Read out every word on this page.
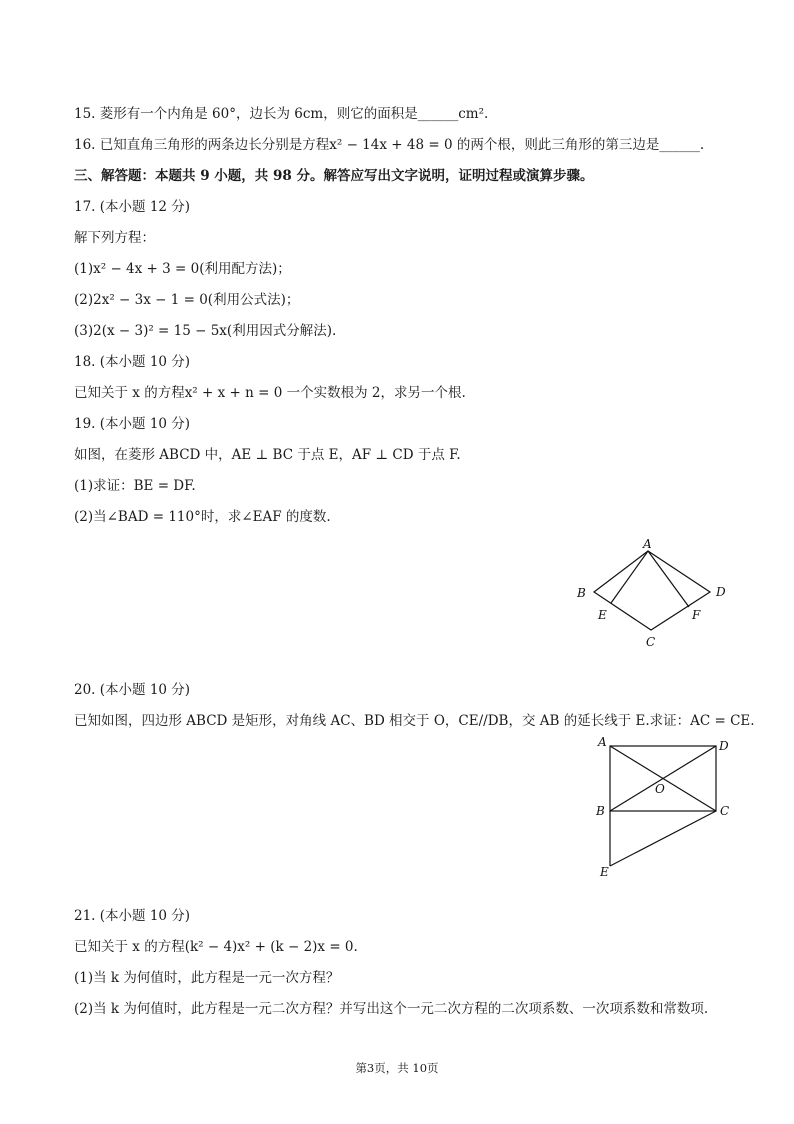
15. 菱形有一个内角是 60°，边长为 6cm，则它的面积是______cm².
16. 已知直角三角形的两条边长分别是方程x² − 14x + 48 = 0 的两个根，则此三角形的第三边是______.
三、解答题：本题共 9 小题，共 98 分。解答应写出文字说明，证明过程或演算步骤。
17. (本小题 12 分)
解下列方程：
(1)x² − 4x + 3 = 0(利用配方法)；
(2)2x² − 3x − 1 = 0(利用公式法)；
(3)2(x − 3)² = 15 − 5x(利用因式分解法).
18. (本小题 10 分)
已知关于 x 的方程x² + x + n = 0 一个实数根为 2，求另一个根.
19. (本小题 10 分)
如图，在菱形 ABCD 中，AE ⊥ BC 于点 E，AF ⊥ CD 于点 F.
(1)求证：BE = DF.
(2)当∠BAD = 110°时，求∠EAF 的度数.
A
B
C
D
E	F
20. (本小题 10 分)
已知如图，四边形 ABCD 是矩形，对角线 AC、BD 相交于 O，CE//DB，交 AB 的延长线于 E.求证：AC = CE.
A	D
O
B	C
E
21. (本小题 10 分)
已知关于 x 的方程(k² − 4)x² + (k − 2)x = 0.
(1)当 k 为何值时，此方程是一元一次方程？
(2)当 k 为何值时，此方程是一元二次方程？并写出这个一元二次方程的二次项系数、一次项系数和常数项.
第3页，共 10页
